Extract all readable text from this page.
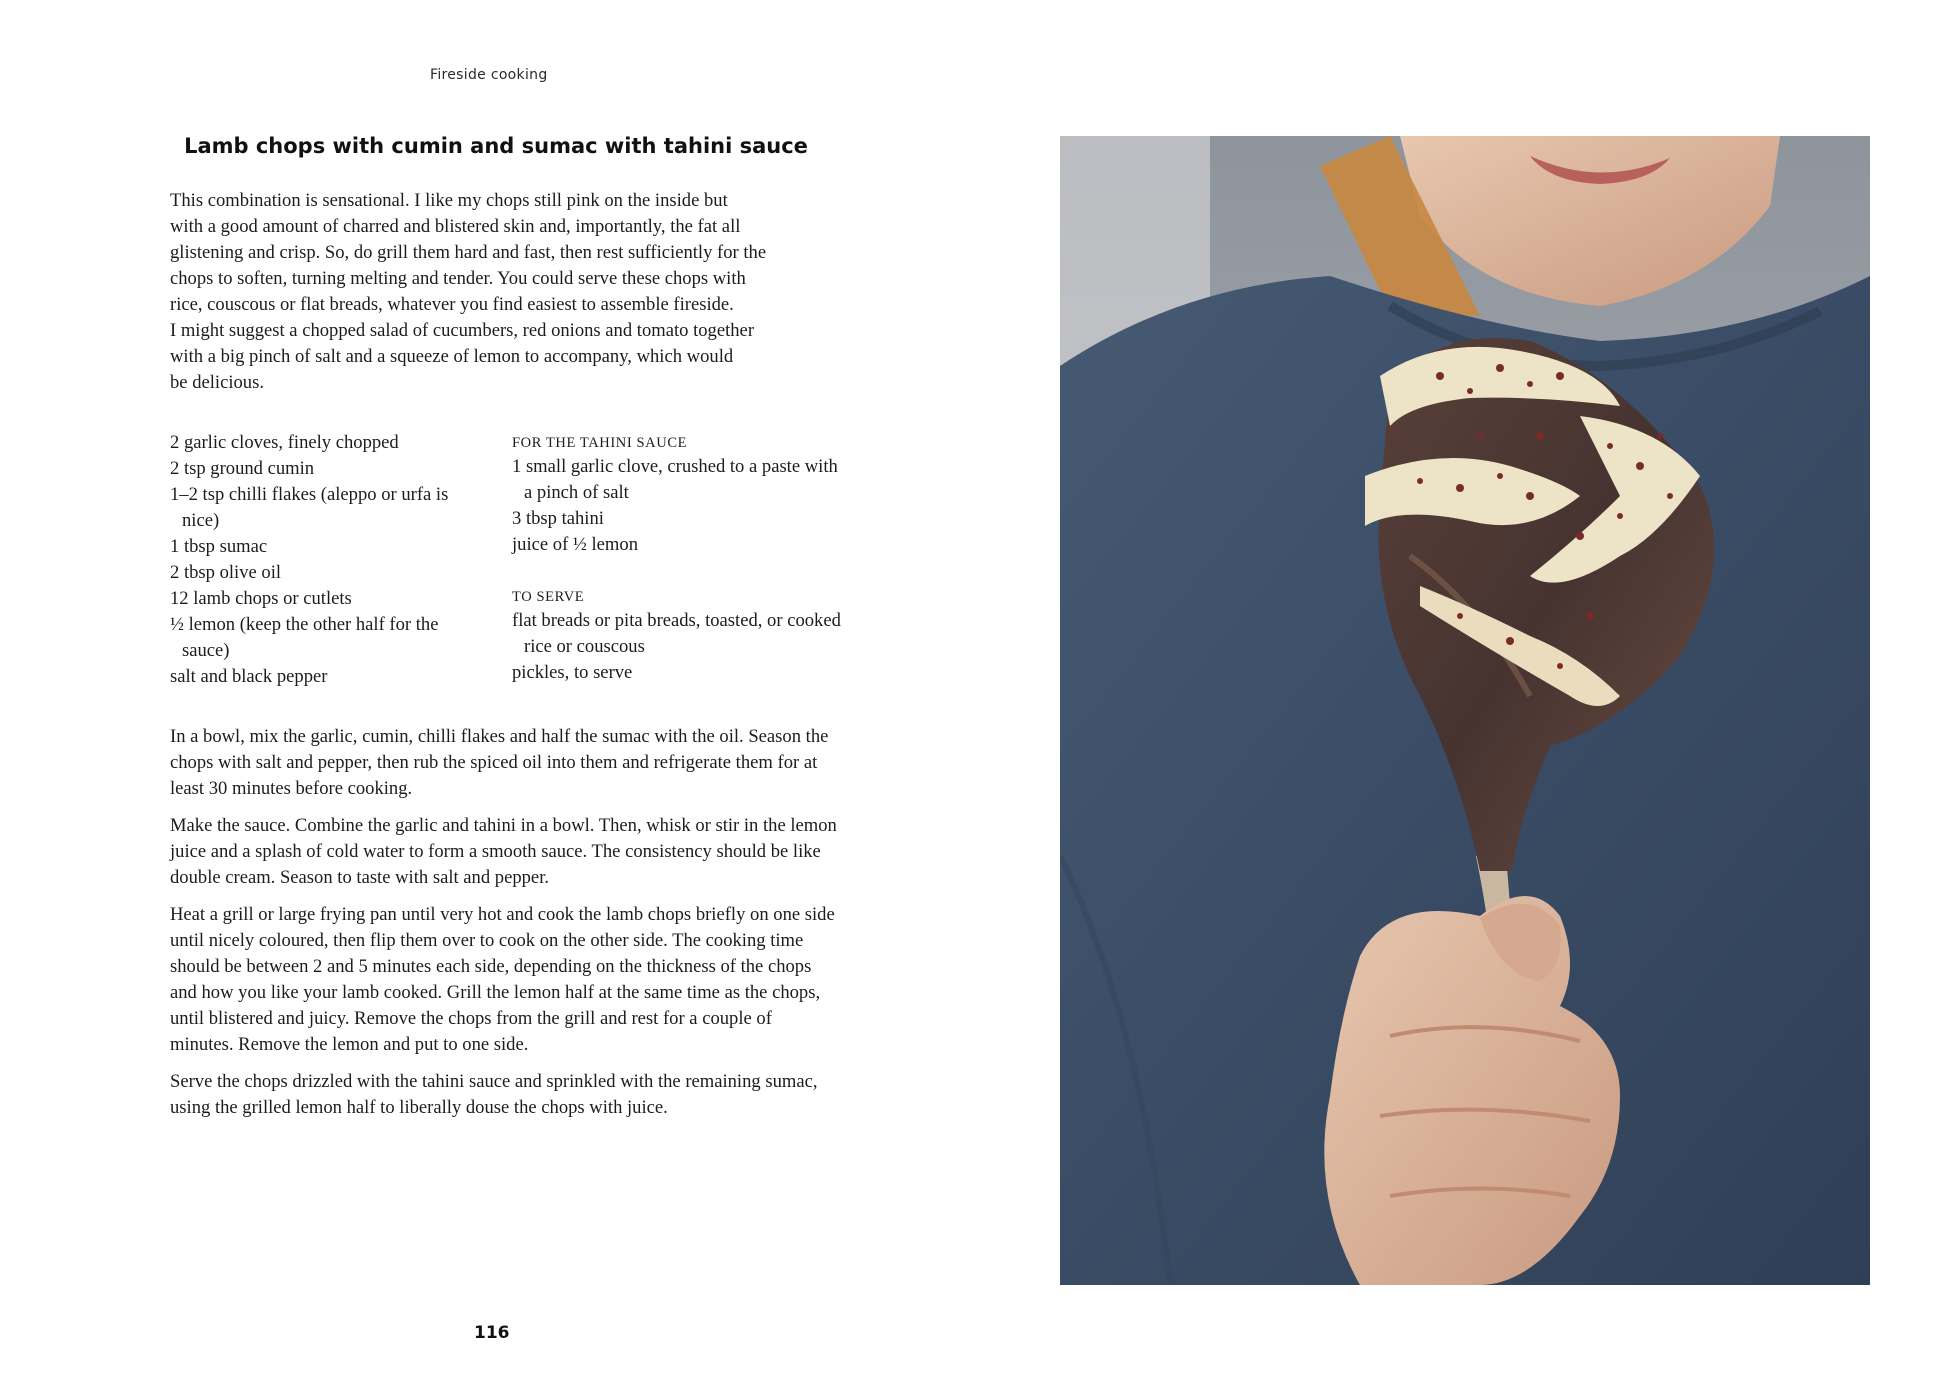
Fireside cooking
Lamb chops with cumin and sumac with tahini sauce

This combination is sensational. I like my chops still pink on the inside but

with a good amount of charred and blistered skin and, importantly, the fat all

glistening and crisp. So, do grill them hard and fast, then rest sufficiently for the

chops to soften, turning melting and tender. You could serve these chops with

rice, couscous or flat breads, whatever you find easiest to assemble fireside.

I might suggest a chopped salad of cucumbers, red onions and tomato together

with a big pinch of salt and a squeeze of lemon to accompany, which would

be delicious.

2 garlic cloves, finely chopped
2 tsp ground cumin
1–2 tsp chilli flakes (aleppo or urfa is nice)
1 tbsp sumac
2 tbsp olive oil
12 lamb chops or cutlets
½ lemon (keep the other half for the sauce)
salt and black pepper
FOR THE TAHINI SAUCE
1 small garlic clove, crushed to a paste with a pinch of salt
3 tbsp tahini
juice of ½ lemon
TO SERVE
flat breads or pita breads, toasted, or cooked rice or couscous
pickles, to serve

In a bowl, mix the garlic, cumin, chilli flakes and half the sumac with the oil. Season the chops with salt and pepper, then rub the spiced oil into them and refrigerate them for at least 30 minutes before cooking.

Make the sauce. Combine the garlic and tahini in a bowl. Then, whisk or stir in the lemon juice and a splash of cold water to form a smooth sauce. The consistency should be like double cream. Season to taste with salt and pepper.

Heat a grill or large frying pan until very hot and cook the lamb chops briefly on one side until nicely coloured, then flip them over to cook on the other side. The cooking time should be between 2 and 5 minutes each side, depending on the thickness of the chops and how you like your lamb cooked. Grill the lemon half at the same time as the chops, until blistered and juicy. Remove the chops from the grill and rest for a couple of minutes. Remove the lemon and put to one side.

Serve the chops drizzled with the tahini sauce and sprinkled with the remaining sumac, using the grilled lemon half to liberally douse the chops with juice.

116
